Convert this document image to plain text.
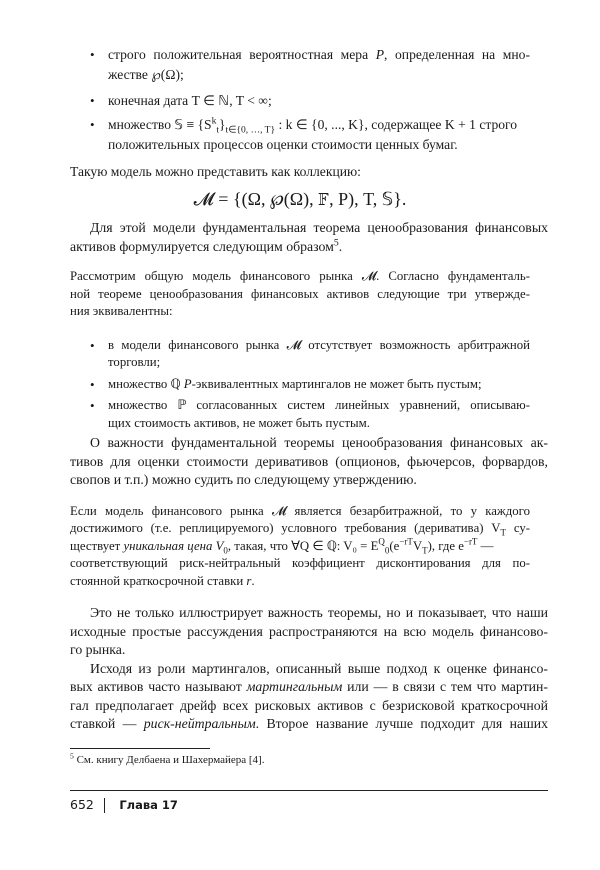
• строго положительная вероятностная мера P, определенная на мно-
жестве ℘(Ω);
• конечная дата T ∈ ℕ, T < ∞;
• множество 𝕊 ≡ $\{S^k_t\}_{t\in\{0, \dots, T\}}$ : k ∈ {0, ..., K}, содержащее K + 1 строго
положительных процессов оценки стоимости ценных бумаг.
Такую модель можно представить как коллекцию:
𝓜 = {(Ω, ℘(Ω), 𝔽, P), T, 𝕊}.
Для этой модели фундаментальная теорема ценообразования финансовых
активов формулируется следующим образом$^5$.
Рассмотрим общую модель финансового рынка 𝓜. Согласно фундаменталь-
ной теореме ценообразования финансовых активов следующие три утвержде-
ния эквивалентны:
•	в модели финансового рынка 𝓜 отсутствует возможность арбитражной
торговли;
•	множество ℚ P-эквивалентных мартингалов не может быть пустым;
•	множество ℙ согласованных систем линейных уравнений, описываю-
щих стоимость активов, не может быть пустым.
О важности фундаментальной теоремы ценообразования финансовых ак-
тивов для оценки стоимости деривативов (опционов, фьючерсов, форвардов,
свопов и т.п.) можно судить по следующему утверждению.
Если модель финансового рынка 𝓜 является безарбитражной, то у каждого
достижимого (т.е. реплицируемого) условного требования (деривативa) $V_T$ су-
ществует уникальная цена $V_0$, такая, что ∀Q ∈ ℚ: $V_0 = E^Q_0(e^{-rT}V_T)$, где $e^{-rT}$ —
соответствующий риск-нейтральный коэффициент дисконтирования для по-
стоянной краткосрочной ставки r.
Это не только иллюстрирует важность теоремы, но и показывает, что наши
исходные простые рассуждения распространяются на всю модель финансово-
го рынка.
Исходя из роли мартингалов, описанный выше подход к оценке финансо-
вых активов часто называют мартингальным или — в связи с тем что мартин-
гал предполагает дрейф всех рисковых активов с безрисковой краткосрочной
ставкой — риск-нейтральным. Второе название лучше подходит для наших
$^5$ См. книгу Делбаена и Шахермайера [4].
652 Глава 17
